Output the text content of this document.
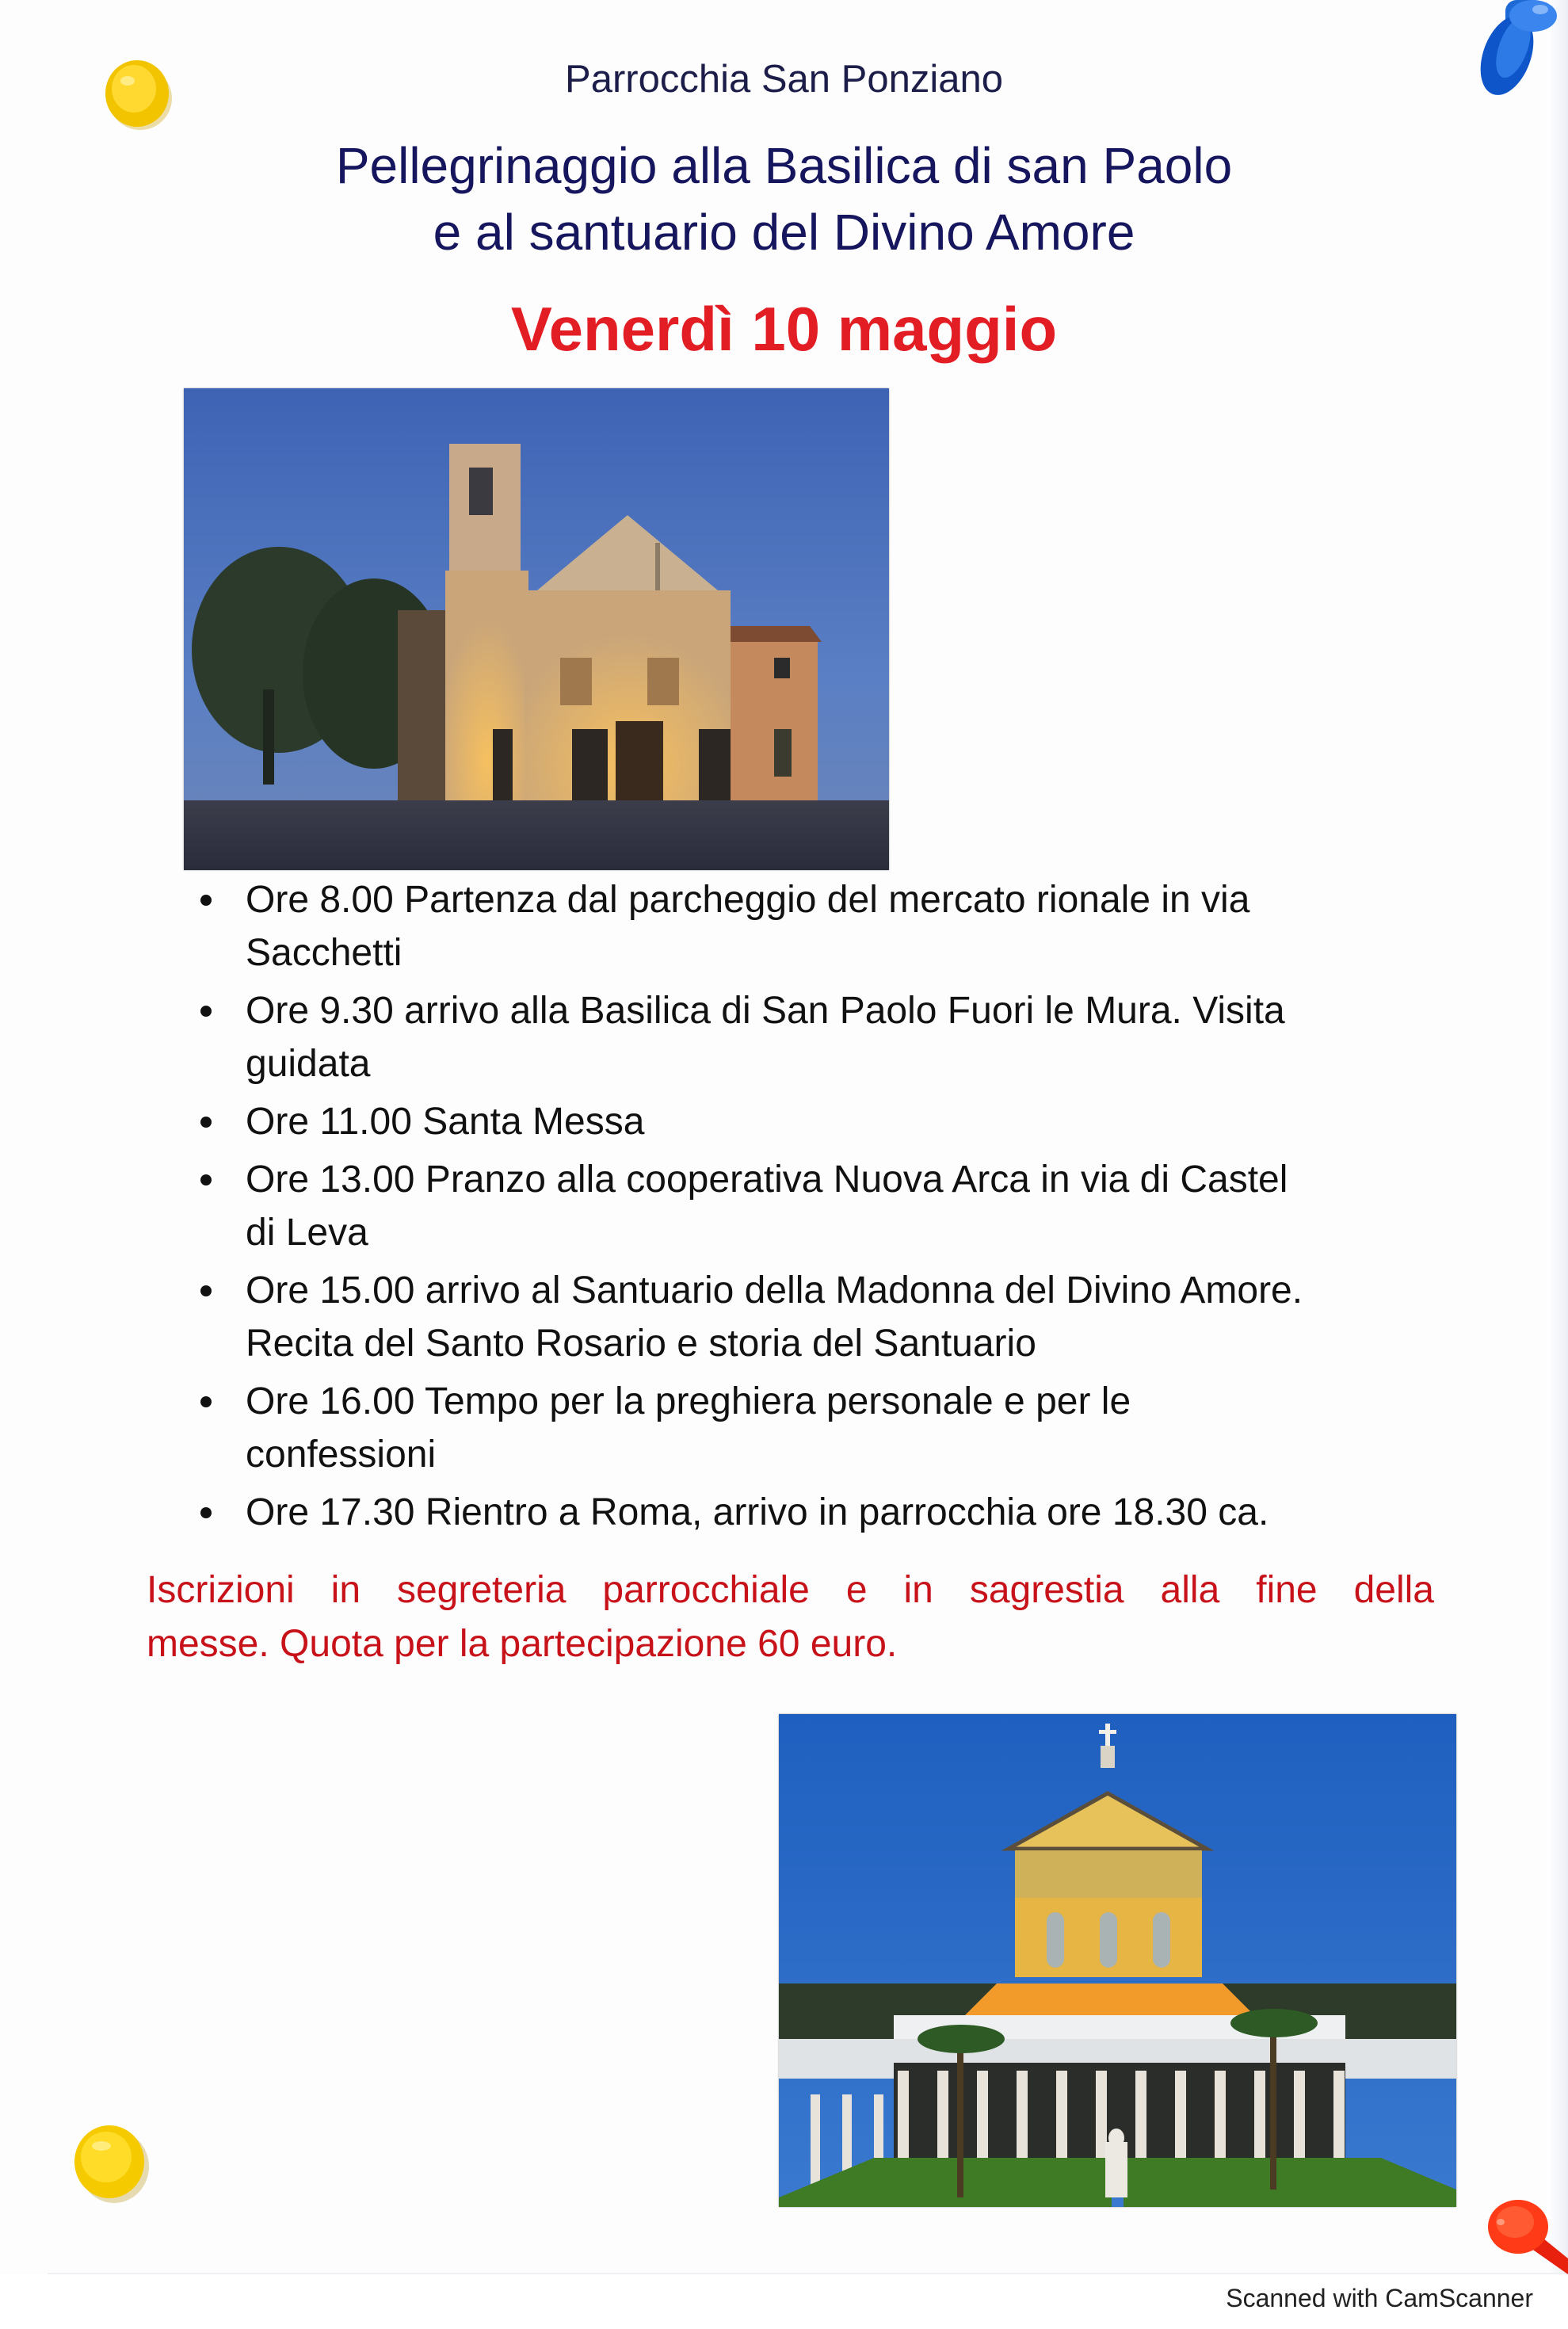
Parrocchia San Ponziano
Pellegrinaggio alla Basilica di san Paolo
e al santuario del Divino Amore
Venerdì 10 maggio
Ore 8.00 Partenza dal parcheggio del mercato rionale in via
Sacchetti
Ore 9.30 arrivo alla Basilica di San Paolo Fuori le Mura. Visita
guidata
Ore 11.00 Santa Messa
Ore 13.00 Pranzo alla cooperativa Nuova Arca in via di Castel
di Leva
Ore 15.00 arrivo al Santuario della Madonna del Divino Amore.
Recita del Santo Rosario e storia del Santuario
Ore 16.00 Tempo per la preghiera personale e per le
confessioni
Ore 17.30 Rientro a Roma, arrivo in parrocchia ore 18.30 ca.
Iscrizioni in segreteria parrocchiale e in sagrestia alla fine della
messe. Quota per la partecipazione 60 euro.
Scanned with CamScanner
